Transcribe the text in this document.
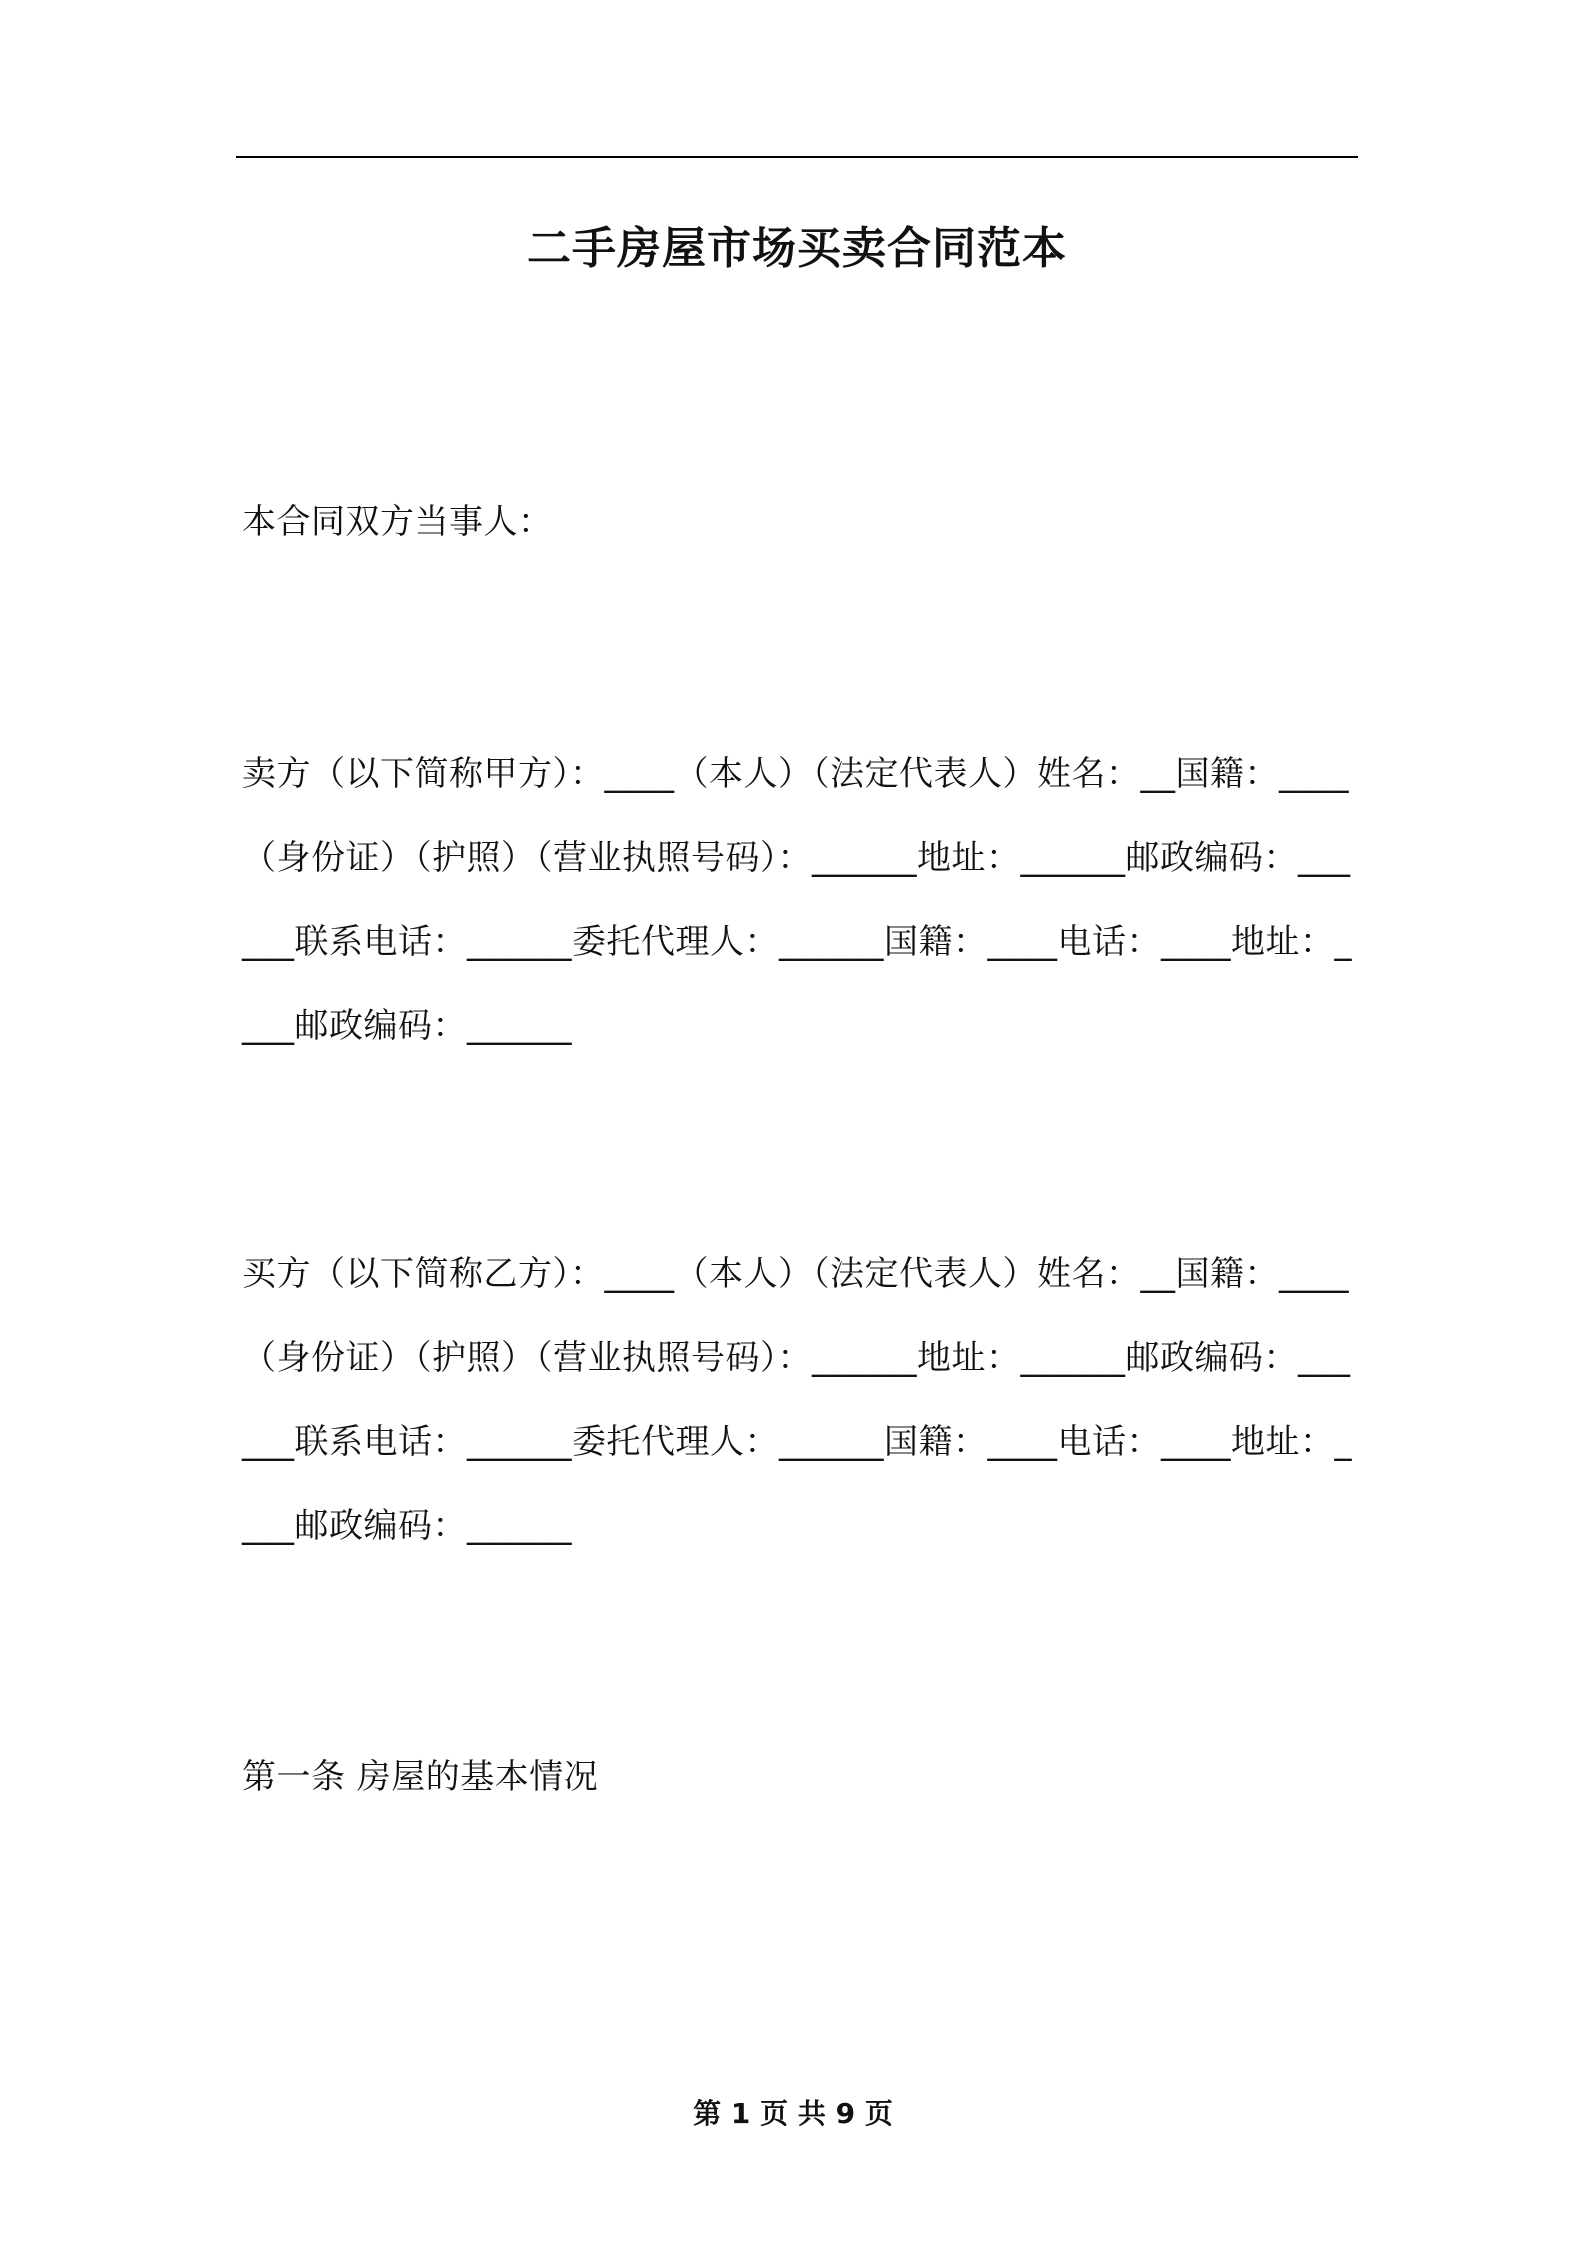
二手房屋市场买卖合同范本

本合同双方当事人：

卖方（以下简称甲方）：____（本人）（法定代表人）姓名：__国籍：____（身份证）（护照）（营业执照号码）：______地址：______邮政编码：______联系电话：______委托代理人：______国籍：____电话：____地址：____邮政编码：______

买方（以下简称乙方）：____（本人）（法定代表人）姓名：__国籍：____（身份证）（护照）（营业执照号码）：______地址：______邮政编码：______联系电话：______委托代理人：______国籍：____电话：____地址：____邮政编码：______

第一条 房屋的基本情况

第 1 页 共 9 页
